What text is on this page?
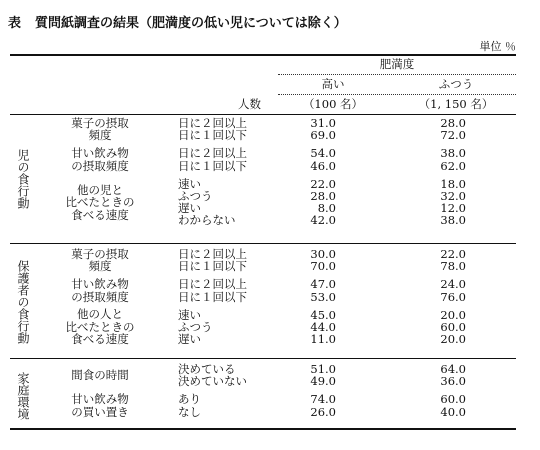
表 質問紙調査の結果（肥満度の低い児については除く）
単位 ％
肥満度
高い	ふつう
人数	（100 名）	（1, 150 名）
児の食行動
菓子の摂取
頻度
日に２回以上	31.0	28.0
日に１回以下	69.0	72.0
甘い飲み物
の摂取頻度
日に２回以上	54.0	38.0
日に１回以下	46.0	62.0
他の児と
比べたときの
食べる速度
速い	22.0	18.0
ふつう	28.0	32.0
遅い	8.0	12.0
わからない	42.0	38.0
保護者の食行動
菓子の摂取
頻度
日に２回以上	30.0	22.0
日に１回以下	70.0	78.0
甘い飲み物
の摂取頻度
日に２回以上	47.0	24.0
日に１回以下	53.0	76.0
他の人と
比べたときの
食べる速度
速い	45.0	20.0
ふつう	44.0	60.0
遅い	11.0	20.0
家庭環境	間食の時間	決めている	51.0	64.0
決めていない	49.0	36.0
甘い飲み物
の買い置き
あり	74.0	60.0
なし	26.0	40.0
